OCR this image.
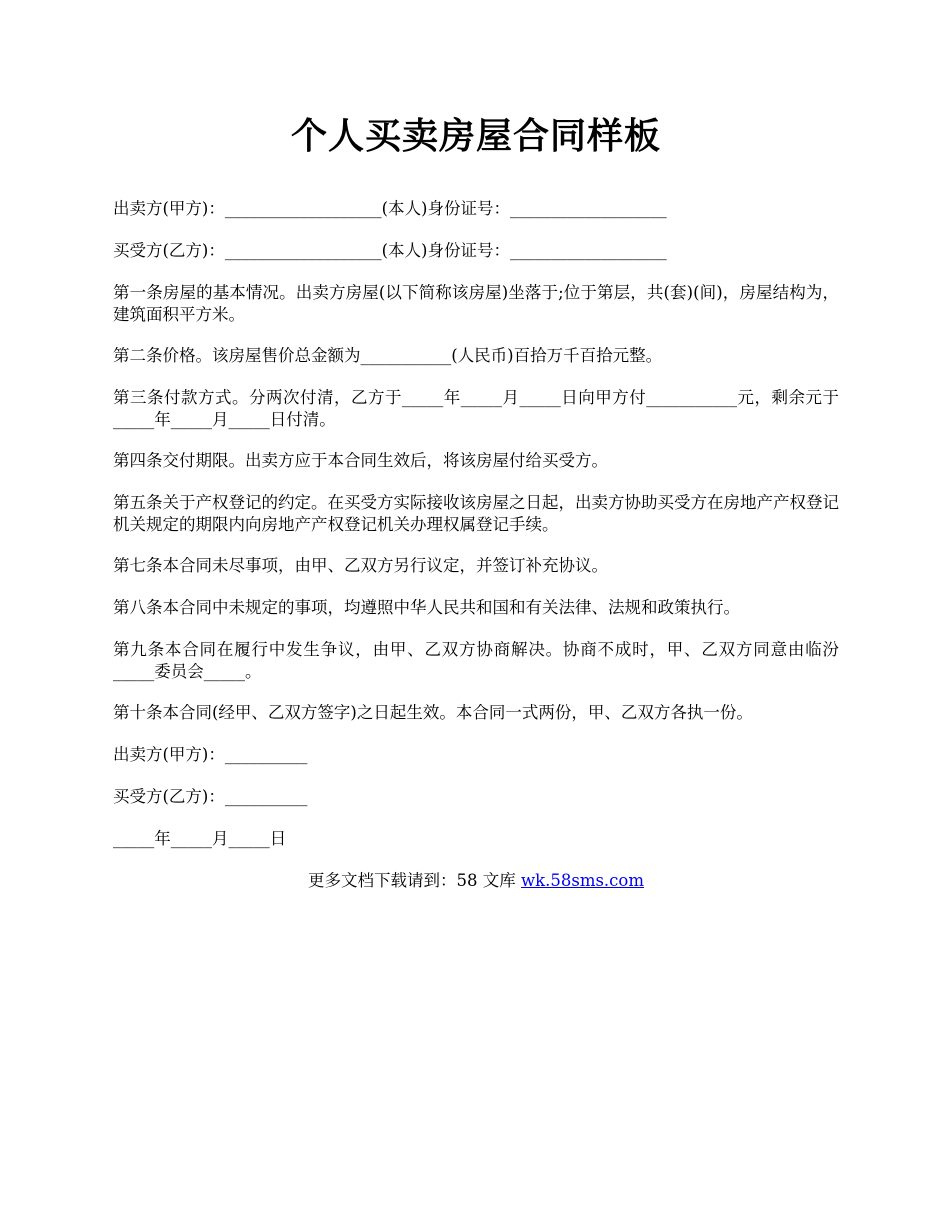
个人买卖房屋合同样板

出卖方(甲方)：___________________(本人)身份证号：___________________

买受方(乙方)：___________________(本人)身份证号：___________________

第一条房屋的基本情况。出卖方房屋(以下简称该房屋)坐落于;位于第层，共(套)(间)，房屋结构为，建筑面积平方米。

第二条价格。该房屋售价总金额为___________(人民币)百拾万千百拾元整。

第三条付款方式。分两次付清，乙方于_____年_____月_____日向甲方付___________元，剩余元于_____年_____月_____日付清。

第四条交付期限。出卖方应于本合同生效后，将该房屋付给买受方。

第五条关于产权登记的约定。在买受方实际接收该房屋之日起，出卖方协助买受方在房地产产权登记机关规定的期限内向房地产产权登记机关办理权属登记手续。

第七条本合同未尽事项，由甲、乙双方另行议定，并签订补充协议。

第八条本合同中未规定的事项，均遵照中华人民共和国和有关法律、法规和政策执行。

第九条本合同在履行中发生争议，由甲、乙双方协商解决。协商不成时，甲、乙双方同意由临汾_____委员会_____。

第十条本合同(经甲、乙双方签字)之日起生效。本合同一式两份，甲、乙双方各执一份。

出卖方(甲方)：__________

买受方(乙方)：__________

_____年_____月_____日

更多文档下载请到：58 文库 wk.58sms.com
